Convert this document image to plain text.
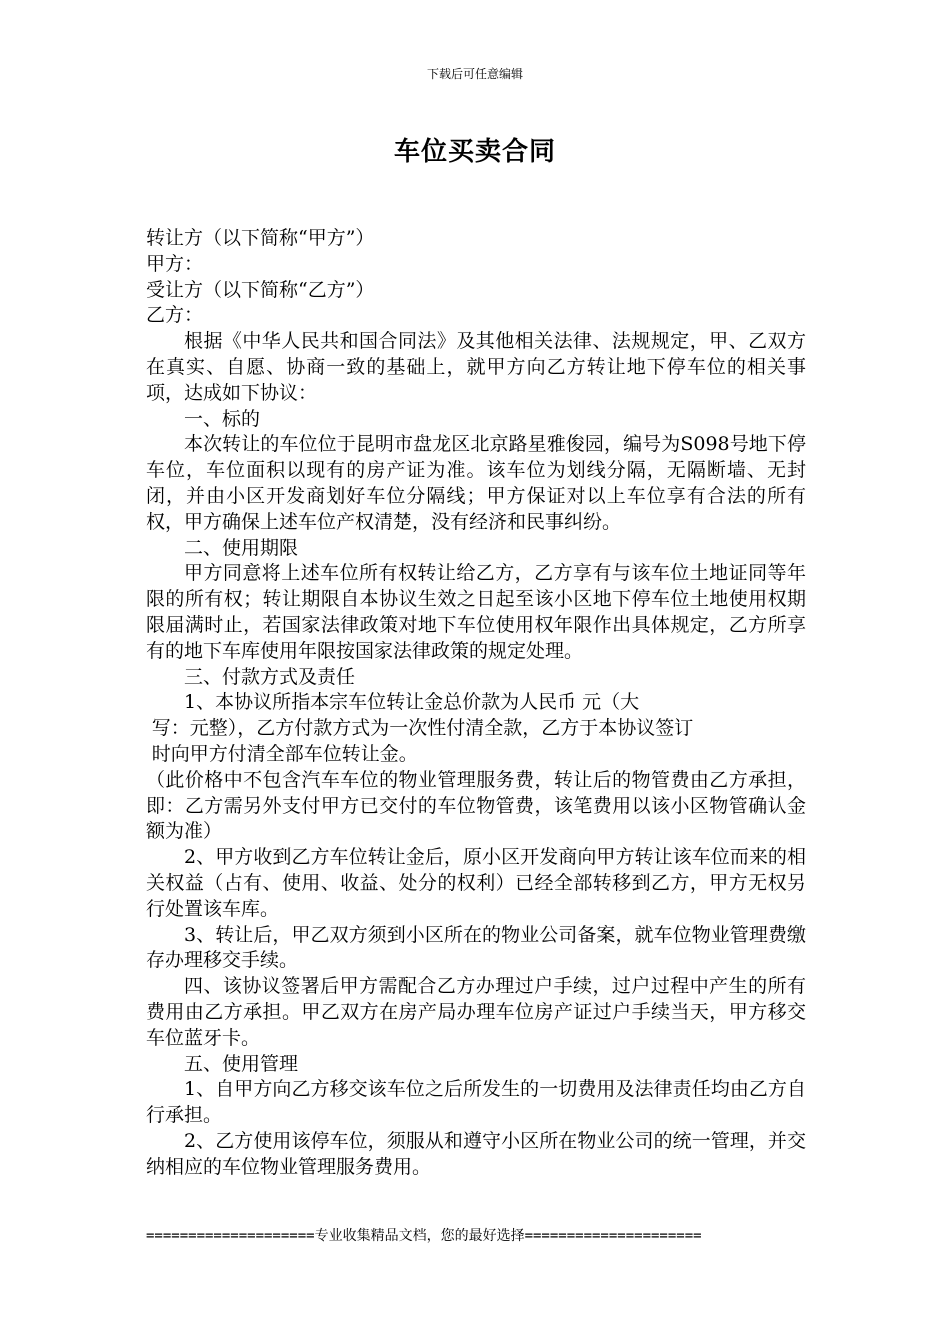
下载后可任意编辑
车位买卖合同
转让方（以下简称“甲方”）
甲方：
受让方（以下简称“乙方”）
乙方：

根据《中华人民共和国合同法》及其他相关法律、法规规定，甲、乙双方在真实、自愿、协商一致的基础上，就甲方向乙方转让地下停车位的相关事项，达成如下协议：

一、标的

本次转让的车位位于昆明市盘龙区北京路星雅俊园，编号为S098号地下停车位，车位面积以现有的房产证为准。该车位为划线分隔，无隔断墙、无封闭，并由小区开发商划好车位分隔线；甲方保证对以上车位享有合法的所有权，甲方确保上述车位产权清楚，没有经济和民事纠纷。

二、使用期限

甲方同意将上述车位所有权转让给乙方，乙方享有与该车位土地证同等年限的所有权；转让期限自本协议生效之日起至该小区地下停车位土地使用权期限届满时止，若国家法律政策对地下车位使用权年限作出具体规定，乙方所享有的地下车库使用年限按国家法律政策的规定处理。

三、付款方式及责任

1、本协议所指本宗车位转让金总价款为人民币 元（大
写：元整），乙方付款方式为一次性付清全款，乙方于本协议签订
时向甲方付清全部车位转让金。

（此价格中不包含汽车车位的物业管理服务费，转让后的物管费由乙方承担，即：乙方需另外支付甲方已交付的车位物管费，该笔费用以该小区物管确认金额为准）

2、甲方收到乙方车位转让金后，原小区开发商向甲方转让该车位而来的相关权益（占有、使用、收益、处分的权利）已经全部转移到乙方，甲方无权另行处置该车库。

3、转让后，甲乙双方须到小区所在的物业公司备案，就车位物业管理费缴存办理移交手续。

四、该协议签署后甲方需配合乙方办理过户手续，过户过程中产生的所有费用由乙方承担。甲乙双方在房产局办理车位房产证过户手续当天，甲方移交车位蓝牙卡。

五、使用管理

1、自甲方向乙方移交该车位之后所发生的一切费用及法律责任均由乙方自行承担。

2、乙方使用该停车位，须服从和遵守小区所在物业公司的统一管理，并交纳相应的车位物业管理服务费用。

====================专业收集精品文档，您的最好选择=====================
